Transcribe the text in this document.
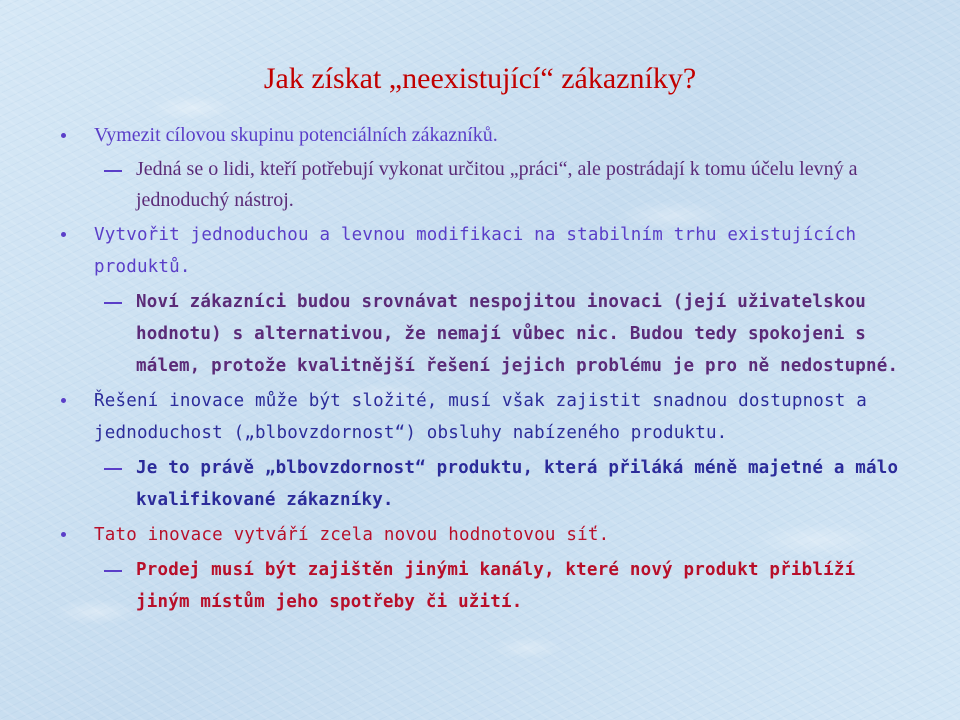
Jak získat „neexistující“ zákazníky?
Vymezit cílovou skupinu potenciálních zákazníků.
Jedná se o lidi, kteří potřebují vykonat určitou „práci“, ale postrádají k tomu účelu levný a jednoduchý nástroj.
Vytvořit jednoduchou a levnou modifikaci na stabilním trhu existujících produktů.
Noví zákazníci budou srovnávat nespojitou inovaci (její uživatelskou hodnotu) s alternativou, že nemají vůbec nic. Budou tedy spokojeni s málem, protože kvalitnější řešení jejich problému je pro ně nedostupné.
Řešení inovace může být složité, musí však zajistit snadnou dostupnost a jednoduchost („blbovzdornost“) obsluhy nabízeného produktu.
Je to právě „blbovzdornost“ produktu, která přiláká méně majetné a málo kvalifikované zákazníky.
Tato inovace vytváří zcela novou hodnotovou síť.
Prodej musí být zajištěn jinými kanály, které nový produkt přiblíží jiným místům jeho spotřeby či užití.
